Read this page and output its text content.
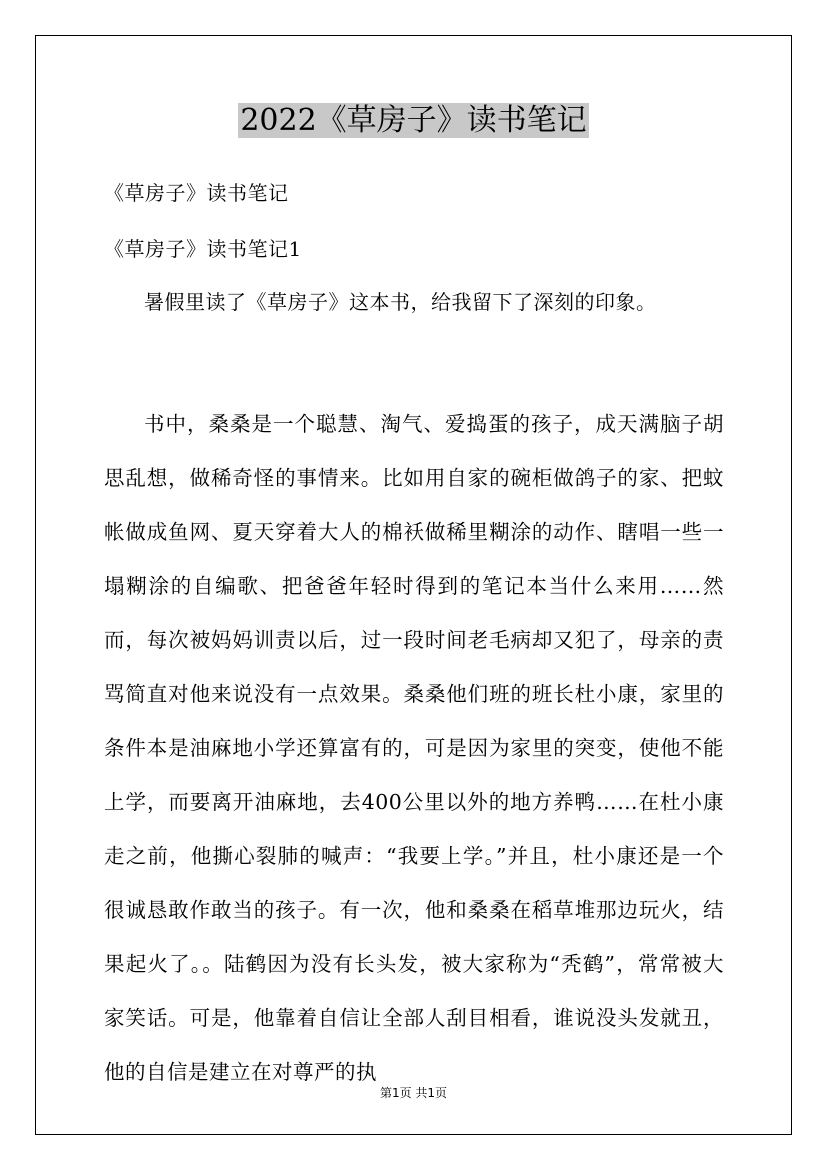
2022《草房子》读书笔记

《草房子》读书笔记

《草房子》读书笔记1

暑假里读了《草房子》这本书，给我留下了深刻的印象。

书中，桑桑是一个聪慧、淘气、爱捣蛋的孩子，成天满脑子胡思乱想，做稀奇怪的事情来。比如用自家的碗柜做鸽子的家、把蚊帐做成鱼网、夏天穿着大人的棉袄做稀里糊涂的动作、瞎唱一些一塌糊涂的自编歌、把爸爸年轻时得到的笔记本当什么来用……然而，每次被妈妈训责以后，过一段时间老毛病却又犯了，母亲的责骂简直对他来说没有一点效果。桑桑他们班的班长杜小康，家里的条件本是油麻地小学还算富有的，可是因为家里的突变，使他不能上学，而要离开油麻地，去400公里以外的地方养鸭……在杜小康走之前，他撕心裂肺的喊声：“我要上学。”并且，杜小康还是一个很诚恳敢作敢当的孩子。有一次，他和桑桑在稻草堆那边玩火，结果起火了。。陆鹤因为没有长头发，被大家称为“秃鹤”，常常被大家笑话。可是，他靠着自信让全部人刮目相看，谁说没头发就丑，他的自信是建立在对尊严的执

第1页 共1页
